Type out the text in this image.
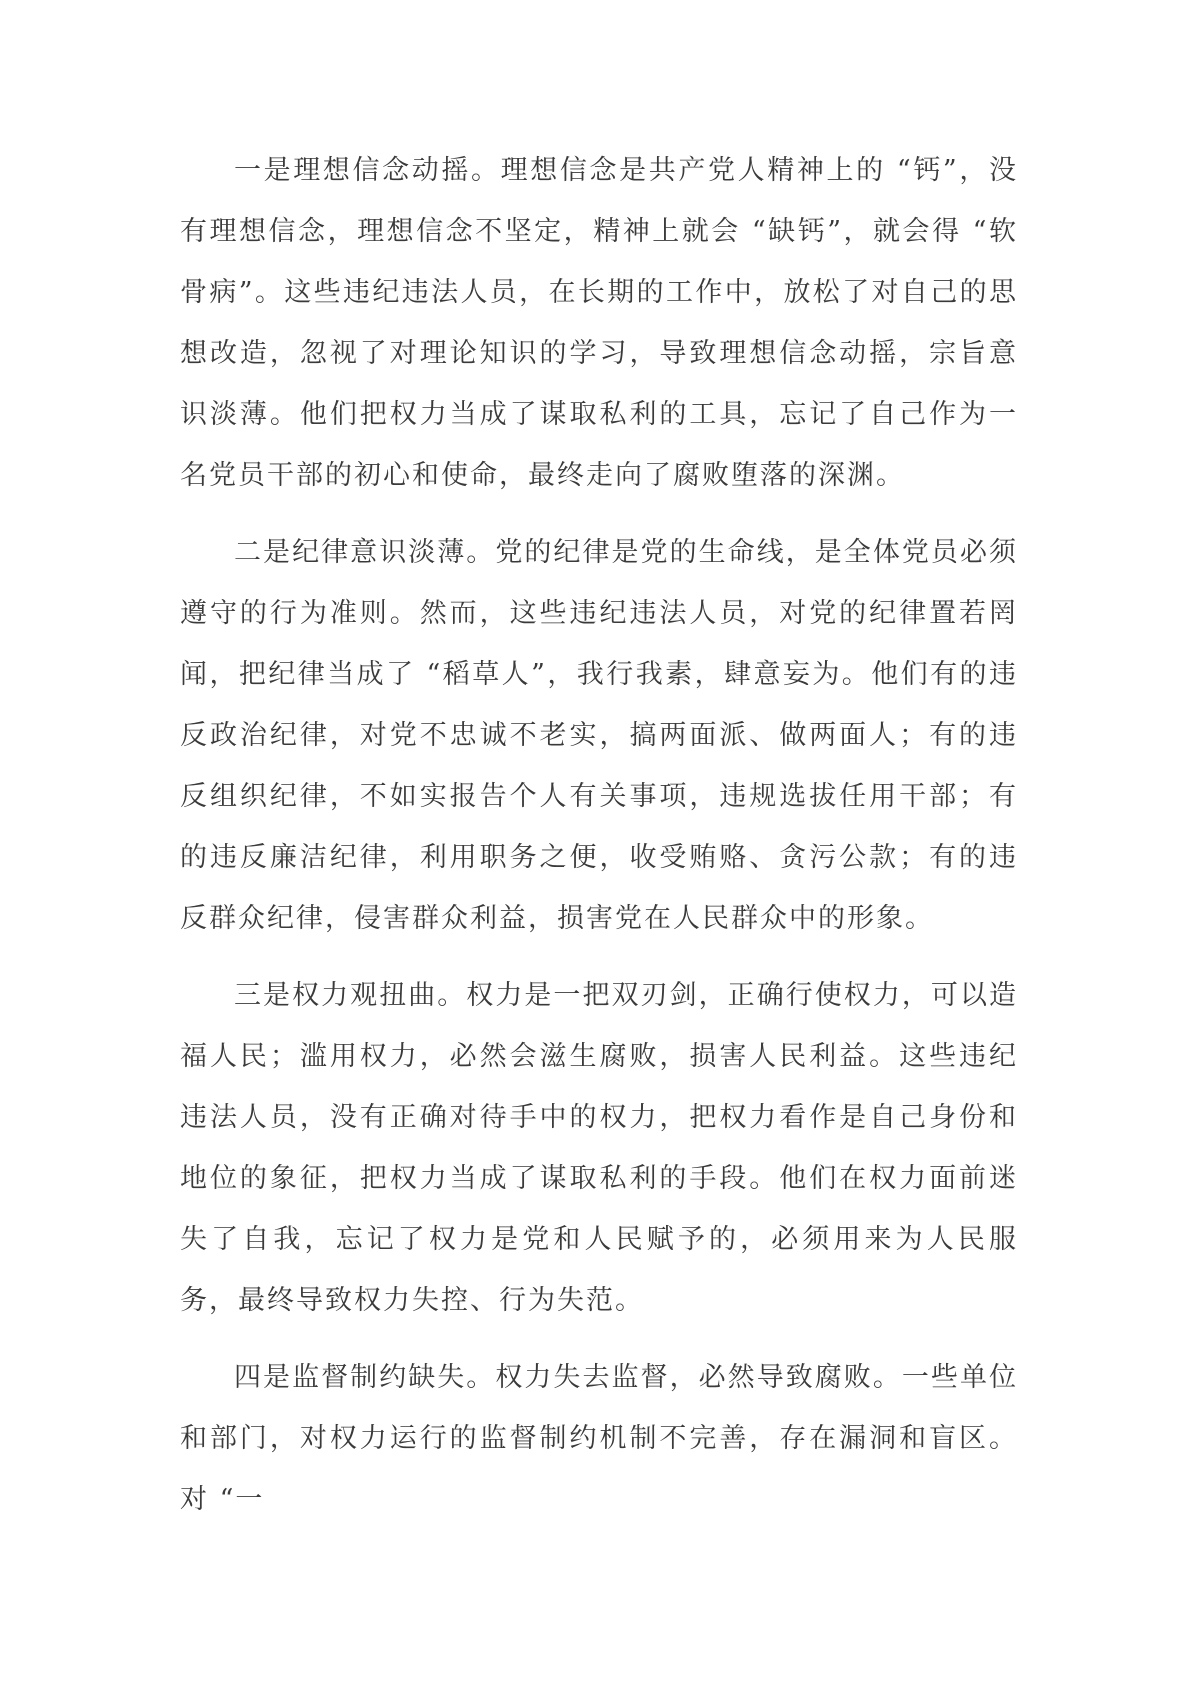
一是理想信念动摇。理想信念是共产党人精神上的 “钙”，没有理想信念，理想信念不坚定，精神上就会 “缺钙”，就会得 “软骨病”。这些违纪违法人员，在长期的工作中，放松了对自己的思想改造，忽视了对理论知识的学习，导致理想信念动摇，宗旨意识淡薄。他们把权力当成了谋取私利的工具，忘记了自己作为一名党员干部的初心和使命，最终走向了腐败堕落的深渊。

二是纪律意识淡薄。党的纪律是党的生命线，是全体党员必须遵守的行为准则。然而，这些违纪违法人员，对党的纪律置若罔闻，把纪律当成了 “稻草人”，我行我素，肆意妄为。他们有的违反政治纪律，对党不忠诚不老实，搞两面派、做两面人；有的违反组织纪律，不如实报告个人有关事项，违规选拔任用干部；有的违反廉洁纪律，利用职务之便，收受贿赂、贪污公款；有的违反群众纪律，侵害群众利益，损害党在人民群众中的形象。

三是权力观扭曲。权力是一把双刃剑，正确行使权力，可以造福人民；滥用权力，必然会滋生腐败，损害人民利益。这些违纪违法人员，没有正确对待手中的权力，把权力看作是自己身份和地位的象征，把权力当成了谋取私利的手段。他们在权力面前迷失了自我，忘记了权力是党和人民赋予的，必须用来为人民服务，最终导致权力失控、行为失范。

四是监督制约缺失。权力失去监督，必然导致腐败。一些单位和部门，对权力运行的监督制约机制不完善，存在漏洞和盲区。对 “一
